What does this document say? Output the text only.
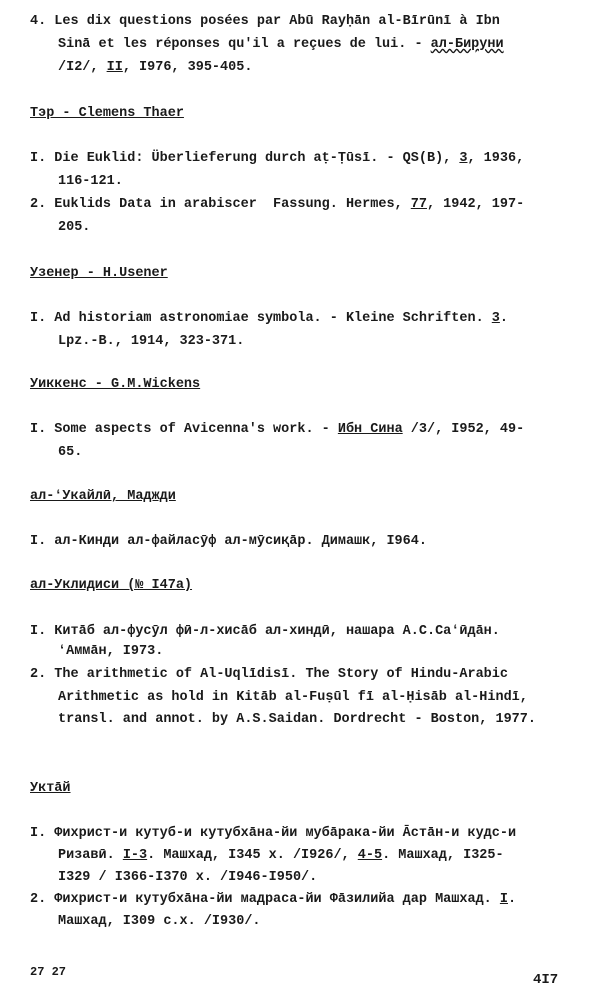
4. Les dix questions posées par Abū Rayḥān al-Bīrūnī à Ibn
Sinā et les réponses qu'il a reçues de lui. - ал-Бируни
/I2/, II, I976, 395-405.
Тэр - Clemens Thaer
I. Die Euklid: Überlieferung durch aṭ-Ṭūsī. - QS(B), 3, 1936,
116-121.
2. Euklids Data in arabiscer  Fassung. Hermes, 77, 1942, 197-
205.
Узенер - H.Usener
I. Ad historiam astronomiae symbola. - Kleine Schriften. 3.
Lpz.-B., 1914, 323-371.
Уиккенс - G.M.Wickens
I. Some aspects of Avicenna's work. - Ибн Сина /3/, I952, 49-
65.
ал-ʻУкайлӣ, Маджди
I. ал-Кинди ал-файласӯф ал-мӯсиқāр. Димашк, I964.
ал-Уклидиси (№ I47а)
I. Китāб ал-фусӯл фӣ-л-хисāб ал-хиндӣ, нашара А.С.Саʻӣдāн.
ʻАммāн, I973.
2. The arithmetic of Al-Uqlīdisī. The Story of Hindu-Arabic
Arithmetic as hold in Kitāb al-Fuṣūl fī al-Ḥisāb al-Hindī,
transl. and annot. by A.S.Saidan. Dordrecht - Boston, 1977.
Уктāй
I. Фихрист-и кутуб-и кутубхāна-йи мубāрака-йи Āстāн-и кудс-и
Ризавӣ. I-3. Машхад, I345 х. /I926/, 4-5. Машхад, I325-
I329 / I366-I370 х. /I946-I950/.
2. Фихрист-и кутубхāна-йи мадраса-йи Фāзилийа дар Машхад. I.
Машхад, I309 с.х. /I930/.
27 27	4I7
